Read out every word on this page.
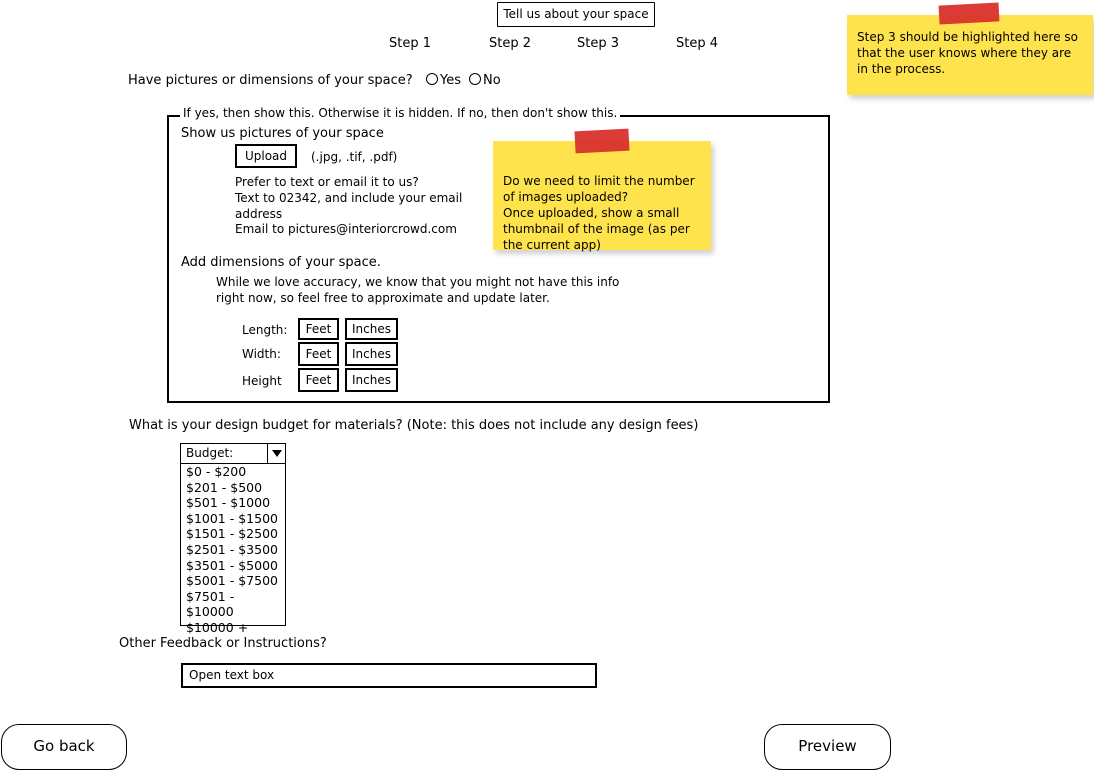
Tell us about your space
Step 1	Step 2	Step 3	Step 4	Step 3 should be highlighted here so that the user knows where they are in the process.
Have pictures or dimensions of your space?	Yes	No
If yes, then show this. Otherwise it is hidden. If no, then don't show this.
Show us pictures of your space
Upload	(.jpg, .tif, .pdf)
Prefer to text or email it to us?
Text to 02342, and include your email
address
Email to pictures@interiorcrowd.com

Do we need to limit the number of images uploaded?
Once uploaded, show a small thumbnail of the image (as per the current app)

Add dimensions of your space.
While we love accuracy, we know that you might not have this info
right now, so feel free to approximate and update later.
Length:	Feet	Inches
Width:	Feet	Inches
Height	Feet	Inches
What is your design budget for materials? (Note: this does not include any design fees)
Budget:
$0 - $200
$201 - $500
$501 - $1000
$1001 - $1500
$1501 - $2500
$2501 - $3500
$3501 - $5000
$5001 - $7500
$7501 - $10000
$10000 +
Other Feedback or Instructions?
Open text box
Go back	Preview
